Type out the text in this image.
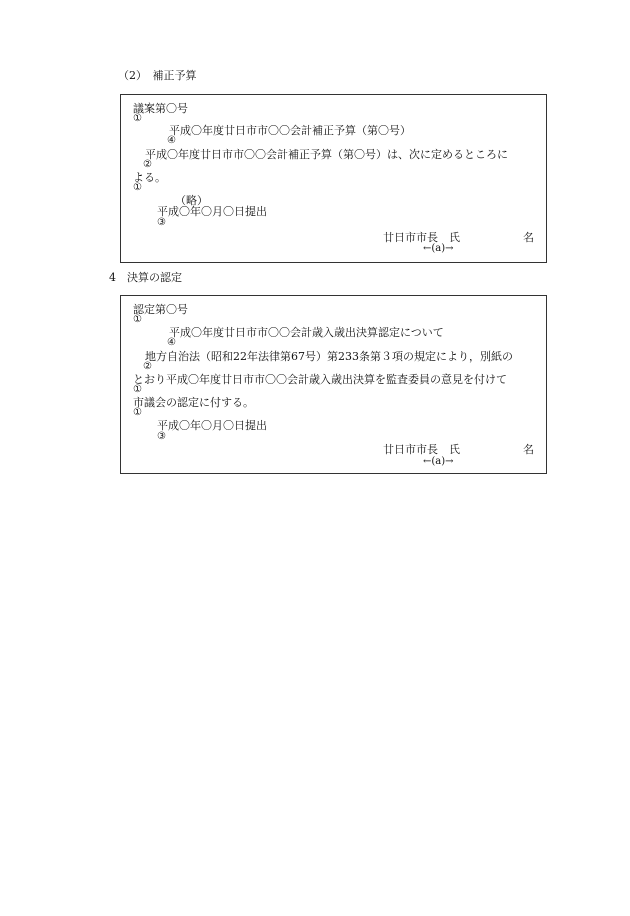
（2）　補正予算
議案第〇号
①
平成〇年度廿日市市〇〇会計補正予算（第〇号）
④
平成〇年度廿日市市〇〇会計補正予算（第〇号）は、次に定めるところに
②
よる。
①
（略）
平成〇年〇月〇日提出
③
廿日市市長　氏	名
←(a)→
4　決算の認定
認定第〇号
①
平成〇年度廿日市市〇〇会計歳入歳出決算認定について
④
地方自治法（昭和22年法律第67号）第233条第３項の規定により，別紙の
②
とおり平成〇年度廿日市市〇〇会計歳入歳出決算を監査委員の意見を付けて
①
市議会の認定に付する。
①
平成〇年〇月〇日提出
③
廿日市市長　氏	名
←(a)→
